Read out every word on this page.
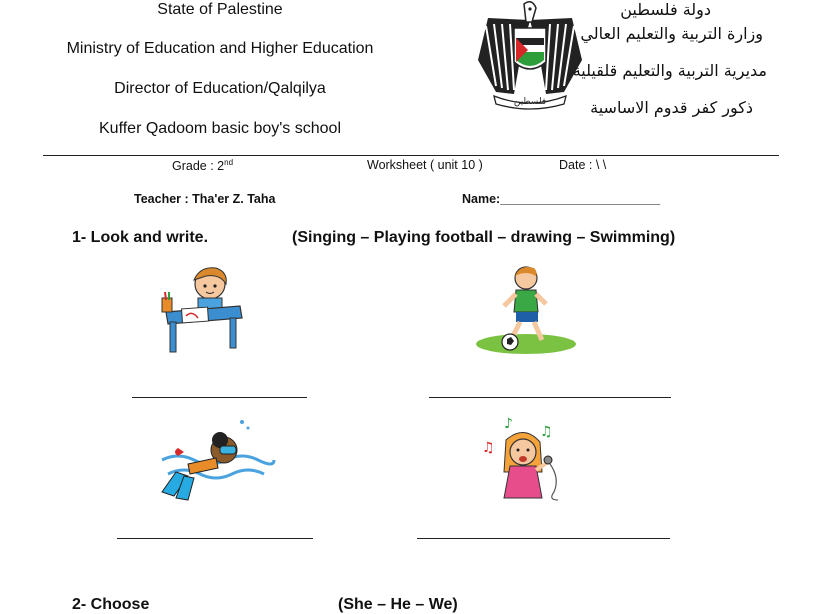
State of Palestine
Ministry of Education and Higher Education
Director of Education/Qalqilya
Kuffer Qadoom basic boy's school
فلسطين
دولة فلسطين
وزارة التربية والتعليم العالي
مديرية التربية والتعليم قلقيلية
ذكور كفر قدوم الاساسية
Grade : 2nd	Worksheet ( unit 10 )	Date : \ \
Teacher : Tha'er Z. Taha	Name:_______________________
1- Look and write.	(Singing – Playing football – drawing – Swimming)
♪ ♫
♫
2- Choose	(She – He – We)
